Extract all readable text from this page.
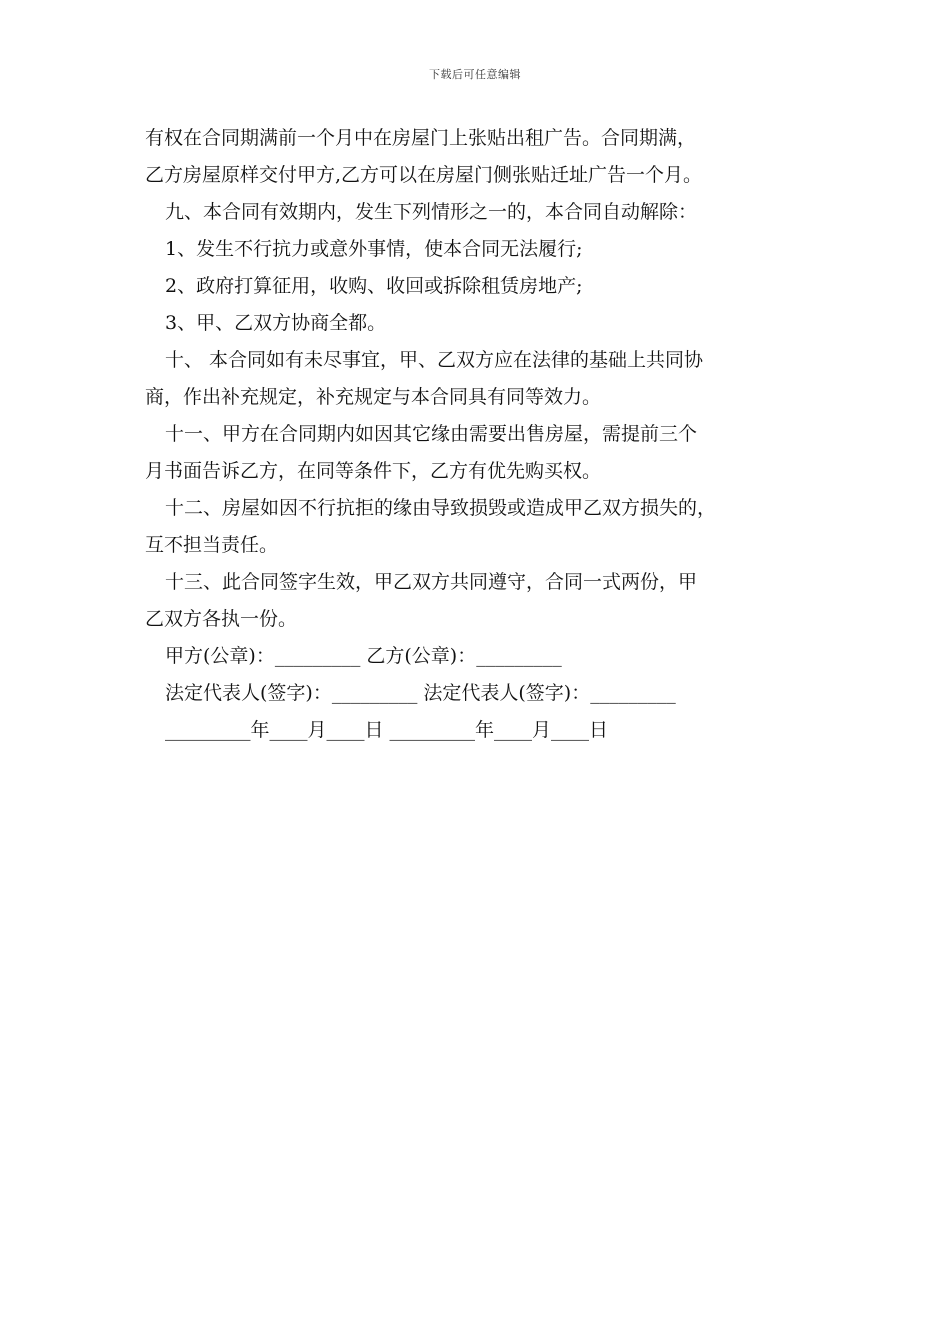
下载后可任意编辑
有权在合同期满前一个月中在房屋门上张贴出租广告。合同期满，
乙方房屋原样交付甲方,乙方可以在房屋门侧张贴迁址广告一个月。
九、本合同有效期内，发生下列情形之一的，本合同自动解除：
1、发生不行抗力或意外事情，使本合同无法履行;
2、政府打算征用，收购、收回或拆除租赁房地产;
3、甲、乙双方协商全都。
十、 本合同如有未尽事宜，甲、乙双方应在法律的基础上共同协
商，作出补充规定，补充规定与本合同具有同等效力。
十一、甲方在合同期内如因其它缘由需要出售房屋，需提前三个
月书面告诉乙方，在同等条件下，乙方有优先购买权。
十二、房屋如因不行抗拒的缘由导致损毁或造成甲乙双方损失的，
互不担当责任。
十三、此合同签字生效，甲乙双方共同遵守，合同一式两份，甲
乙双方各执一份。
甲方(公章)：_________ 乙方(公章)：_________
法定代表人(签字)：_________ 法定代表人(签字)：_________
_________年____月____日 _________年____月____日
